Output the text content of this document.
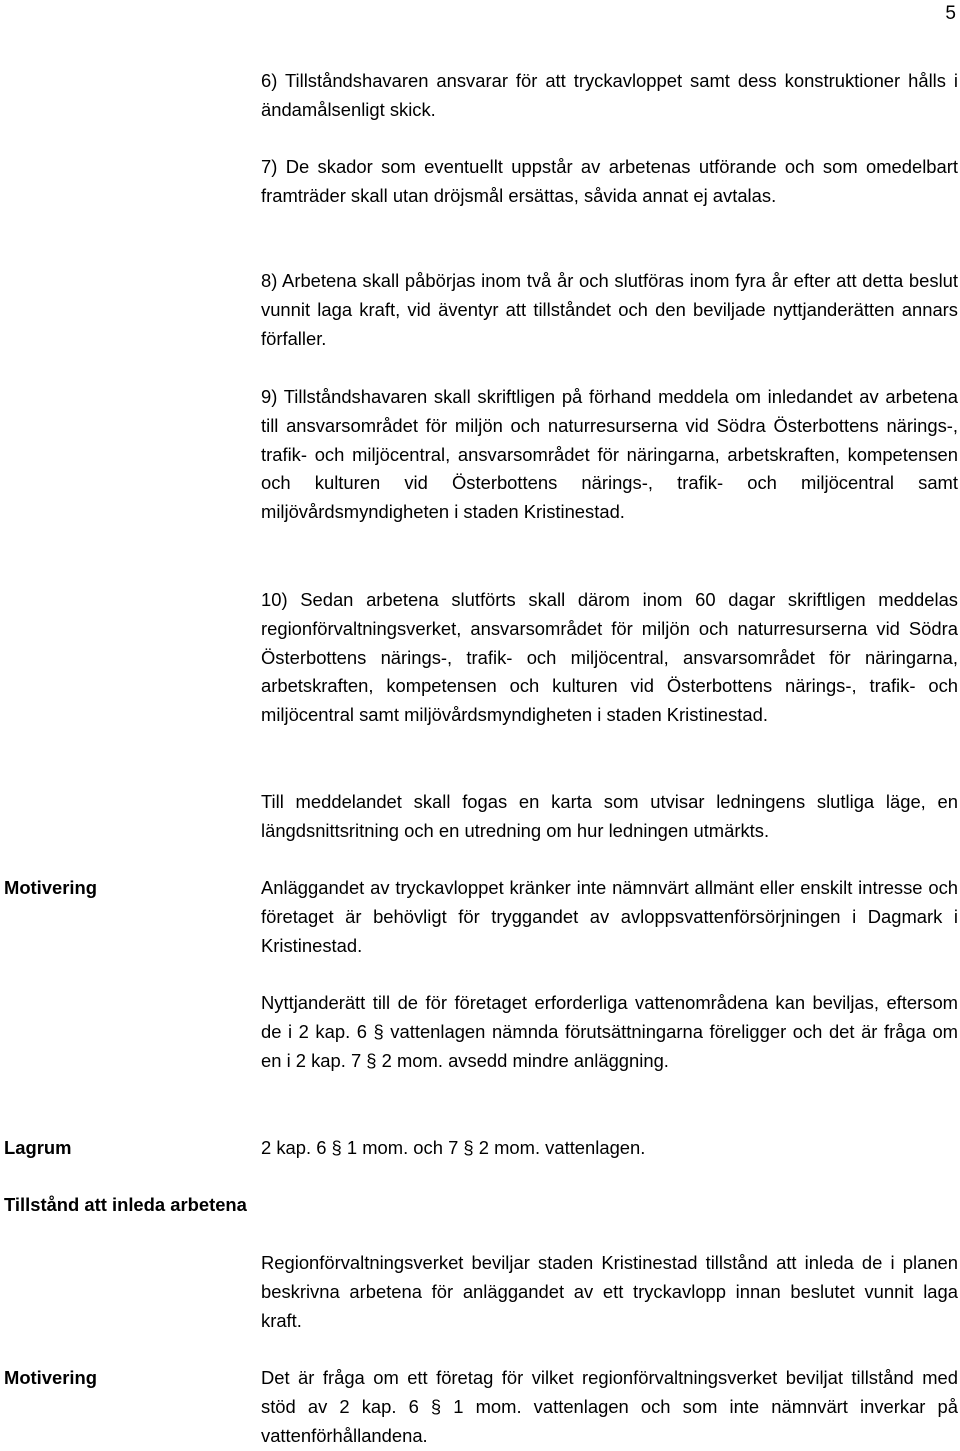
5

6) Tillståndshavaren ansvarar för att tryckavloppet samt dess konstruktioner hålls i ändamålsenligt skick.

7) De skador som eventuellt uppstår av arbetenas utförande och som omedelbart framträder skall utan dröjsmål ersättas, såvida annat ej avtalas.

8) Arbetena skall påbörjas inom två år och slutföras inom fyra år efter att detta beslut vunnit laga kraft, vid äventyr att tillståndet och den beviljade nyttjanderätten annars förfaller.

9) Tillståndshavaren skall skriftligen på förhand meddela om inledandet av arbetena till ansvarsområdet för miljön och naturresurserna vid Södra Österbottens närings-, trafik- och miljöcentral, ansvarsområdet för näringarna, arbetskraften, kompetensen och kulturen vid Österbottens närings-, trafik- och miljöcentral samt miljövårdsmyndigheten i staden Kristinestad.

10) Sedan arbetena slutförts skall därom inom 60 dagar skriftligen meddelas regionförvaltningsverket, ansvarsområdet för miljön och naturresurserna vid Södra Österbottens närings-, trafik- och miljöcentral, ansvarsområdet för näringarna, arbetskraften, kompetensen och kulturen vid Österbottens närings-, trafik- och miljöcentral samt miljövårdsmyndigheten i staden Kristinestad.

Till meddelandet skall fogas en karta som utvisar ledningens slutliga läge, en längdsnittsritning och en utredning om hur ledningen utmärkts.

Motivering	Anläggandet av tryckavloppet kränker inte nämnvärt allmänt eller enskilt intresse och företaget är behövligt för tryggandet av avloppsvattenförsörjningen i Dagmark i Kristinestad.

Nyttjanderätt till de för företaget erforderliga vattenområdena kan beviljas, eftersom de i 2 kap. 6 § vattenlagen nämnda förutsättningarna föreligger och det är fråga om en i 2 kap. 7 § 2 mom. avsedd mindre anläggning.

Lagrum	2 kap. 6 § 1 mom. och 7 § 2 mom. vattenlagen.

Tillstånd att inleda arbetena

Regionförvaltningsverket beviljar staden Kristinestad tillstånd att inleda de i planen beskrivna arbetena för anläggandet av ett tryckavlopp innan beslutet vunnit laga kraft.

Motivering	Det är fråga om ett företag för vilket regionförvaltningsverket beviljat tillstånd med stöd av 2 kap. 6 § 1 mom. vattenlagen och som inte nämnvärt inverkar på vattenförhållandena.
